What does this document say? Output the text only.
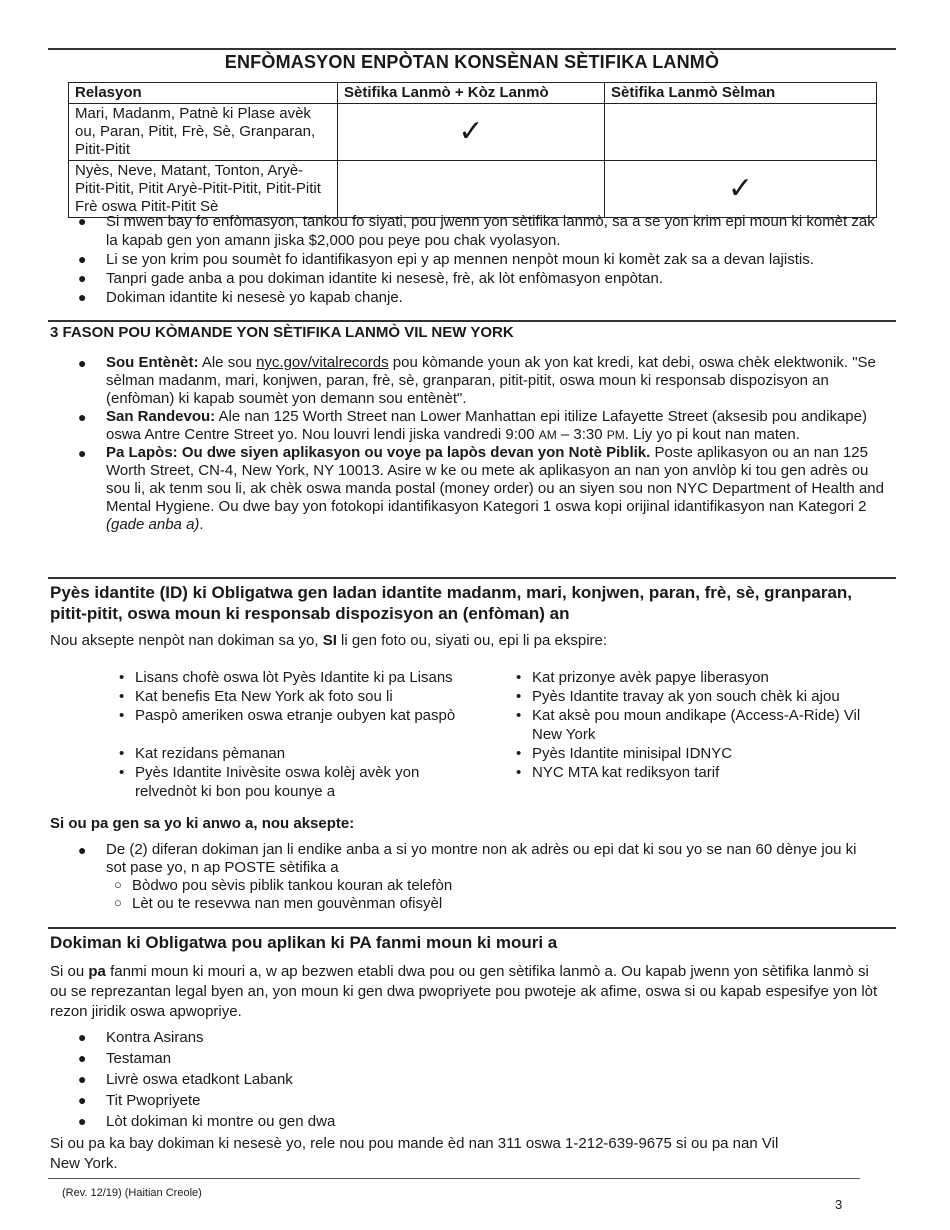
ENFÒMASYON ENPÒTAN KONSÈNAN SÈTIFIKA LANMÒ
Relasyon	Sètifika Lanmò + Kòz Lanmò	Sètifika Lanmò Sèlman
Mari, Madanm, Patnè ki Plase avèk ou, Paran, Pitit, Frè, Sè, Granparan, Pitit-Pitit	✓	
Nyès, Neve, Matant, Tonton, Aryè-Pitit-Pitit, Pitit Aryè-Pitit-Pitit, Pitit-Pitit Frè oswa Pitit-Pitit Sè		✓
● Si mwen bay fo enfòmasyon, tankou fo siyati, pou jwenn yon sètifika lanmò, sa a se yon krim epi moun ki komèt zak la kapab gen yon amann jiska $2,000 pou peye pou chak vyolasyon.
● Li se yon krim pou soumèt fo idantifikasyon epi y ap mennen nenpòt moun ki komèt zak sa a devan lajistis.
● Tanpri gade anba a pou dokiman idantite ki nesesè, frè, ak lòt enfòmasyon enpòtan.
● Dokiman idantite ki nesesè yo kapab chanje.
3 FASON POU KÒMANDE YON SÈTIFIKA LANMÒ VIL NEW YORK
● Sou Entènèt: Ale sou nyc.gov/vitalrecords pou kòmande youn ak yon kat kredi, kat debi, oswa chèk elektwonik. "Se sèlman madanm, mari, konjwen, paran, frè, sè, granparan, pitit-pitit, oswa moun ki responsab dispozisyon an (enfòman) ki kapab soumèt yon demann sou entènèt".
● San Randevou: Ale nan 125 Worth Street nan Lower Manhattan epi itilize Lafayette Street (aksesib pou andikape) oswa Antre Centre Street yo. Nou louvri lendi jiska vandredi 9:00 AM – 3:30 PM. Liy yo pi kout nan maten.
● Pa Lapòs: Ou dwe siyen aplikasyon ou voye pa lapòs devan yon Notè Piblik. Poste aplikasyon ou an nan 125 Worth Street, CN-4, New York, NY 10013. Asire w ke ou mete ak aplikasyon an nan yon anvlòp ki tou gen adrès ou sou li, ak tenm sou li, ak chèk oswa manda postal (money order) ou an siyen sou non NYC Department of Health and Mental Hygiene. Ou dwe bay yon fotokopi idantifikasyon Kategori 1 oswa kopi orijinal idantifikasyon nan Kategori 2 (gade anba a).
Pyès idantite (ID) ki Obligatwa gen ladan idantite madanm, mari, konjwen, paran, frè, sè, granparan, pitit-pitit, oswa moun ki responsab dispozisyon an (enfòman) an
Nou aksepte nenpòt nan dokiman sa yo, SI li gen foto ou, siyati ou, epi li pa ekspire:
• Lisans chofè oswa lòt Pyès Idantite ki pa Lisans
• Kat benefis Eta New York ak foto sou li
• Paspò ameriken oswa etranje oubyen kat paspò
• Kat rezidans pèmanan
• Pyès Idantite Inivèsite oswa kolèj avèk yon relvednòt ki bon pou kounye a
• Kat prizonye avèk papye liberasyon
• Pyès Idantite travay ak yon souch chèk ki ajou
• Kat aksè pou moun andikape (Access-A-Ride) Vil New York
• Pyès Idantite minisipal IDNYC
• NYC MTA kat rediksyon tarif
Si ou pa gen sa yo ki anwo a, nou aksepte:
● De (2) diferan dokiman jan li endike anba a si yo montre non ak adrès ou epi dat ki sou yo se nan 60 dènye jou ki sot pase yo, n ap POSTE sètifika a
○ Bòdwo pou sèvis piblik tankou kouran ak telefòn
○ Lèt ou te resevwa nan men gouvènman ofisyèl
Dokiman ki Obligatwa pou aplikan ki PA fanmi moun ki mouri a
Si ou pa fanmi moun ki mouri a, w ap bezwen etabli dwa pou ou gen sètifika lanmò a. Ou kapab jwenn yon sètifika lanmò si ou se reprezantan legal byen an, yon moun ki gen dwa pwopriyete pou pwoteje ak afime, oswa si ou kapab espesifye yon lòt rezon jiridik oswa apwopriye.
● Kontra Asirans
● Testaman
● Livrè oswa etadkont Labank
● Tit Pwopriyete
● Lòt dokiman ki montre ou gen dwa
Si ou pa ka bay dokiman ki nesesè yo, rele nou pou mande èd nan 311 oswa 1-212-639-9675 si ou pa nan Vil New York.
(Rev. 12/19) (Haitian Creole)
3
